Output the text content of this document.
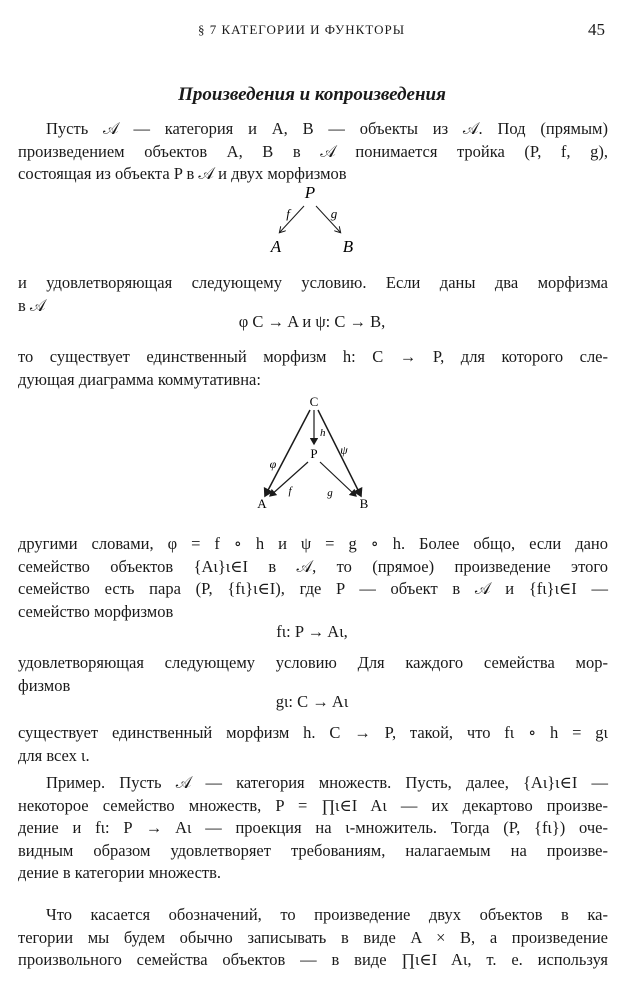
§ 7 КАТЕГОРИИ И ФУНКТОРЫ	45
Произведения и копроизведения
Пусть 𝒜 — категория и A, B — объекты из 𝒜. Под (прямым)
произведением объектов A, B в 𝒜 понимается тройка (P, f, g),
состоящая из объекта P в 𝒜 и двух морфизмов
P
f	g
A	B
и удовлетворяющая следующему условию. Если даны два морфизма
в 𝒜
φ C → A и ψ: C → B,
то существует единственный морфизм h: C → P, для которого сле-
дующая диаграмма коммутативна:
C
P
A	B
h
φ
ψ
f	g
другими словами, φ = f ∘ h и ψ = g ∘ h. Более общо, если дано
семейство объектов {Aι}ι∈I в 𝒜, то (прямое) произведение этого
семейство есть пара (P, {fι}ι∈I), где P — объект в 𝒜 и {fι}ι∈I —
семейство морфизмов
fι: P → Aι,
удовлетворяющая следующему условию Для каждого семейства мор-
физмов
gι: C → Aι
существует единственный морфизм h. C → P, такой, что fι ∘ h = gι
для всех ι.
Пример. Пусть 𝒜 — категория множеств. Пусть, далее, {Aι}ι∈I —
некоторое семейство множеств, P = ∏ι∈I Aι — их декартово произве-
дение и fι: P → Aι — проекция на ι-множитель. Тогда (P, {fι}) оче-
видным образом удовлетворяет требованиям, налагаемым на произве-
дение в категории множеств.
Что касается обозначений, то произведение двух объектов в ка-
тегории мы будем обычно записывать в виде A × B, а произведение
произвольного семейства объектов — в виде ∏ι∈I Aι, т. е. используя
